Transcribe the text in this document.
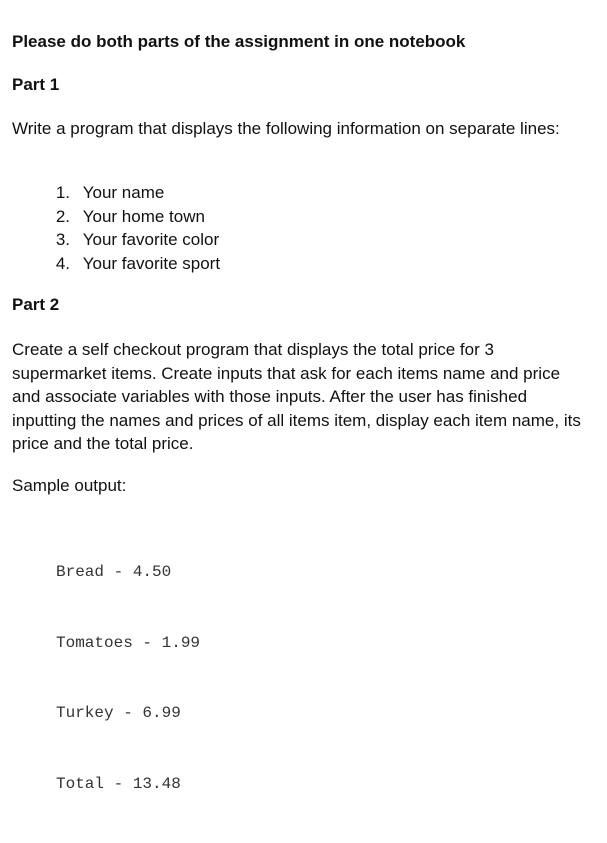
Please do both parts of the assignment in one notebook
Part 1
Write a program that displays the following information on separate lines:
1. Your name
2. Your home town
3. Your favorite color
4. Your favorite sport
Part 2
Create a self checkout program that displays the total price for 3 supermarket items. Create inputs that ask for each items name and price and associate variables with those inputs. After the user has finished inputting the names and prices of all items item, display each item name, its price and the total price.
Sample output:

Bread - 4.50

Tomatoes - 1.99

Turkey - 6.99

Total - 13.48
